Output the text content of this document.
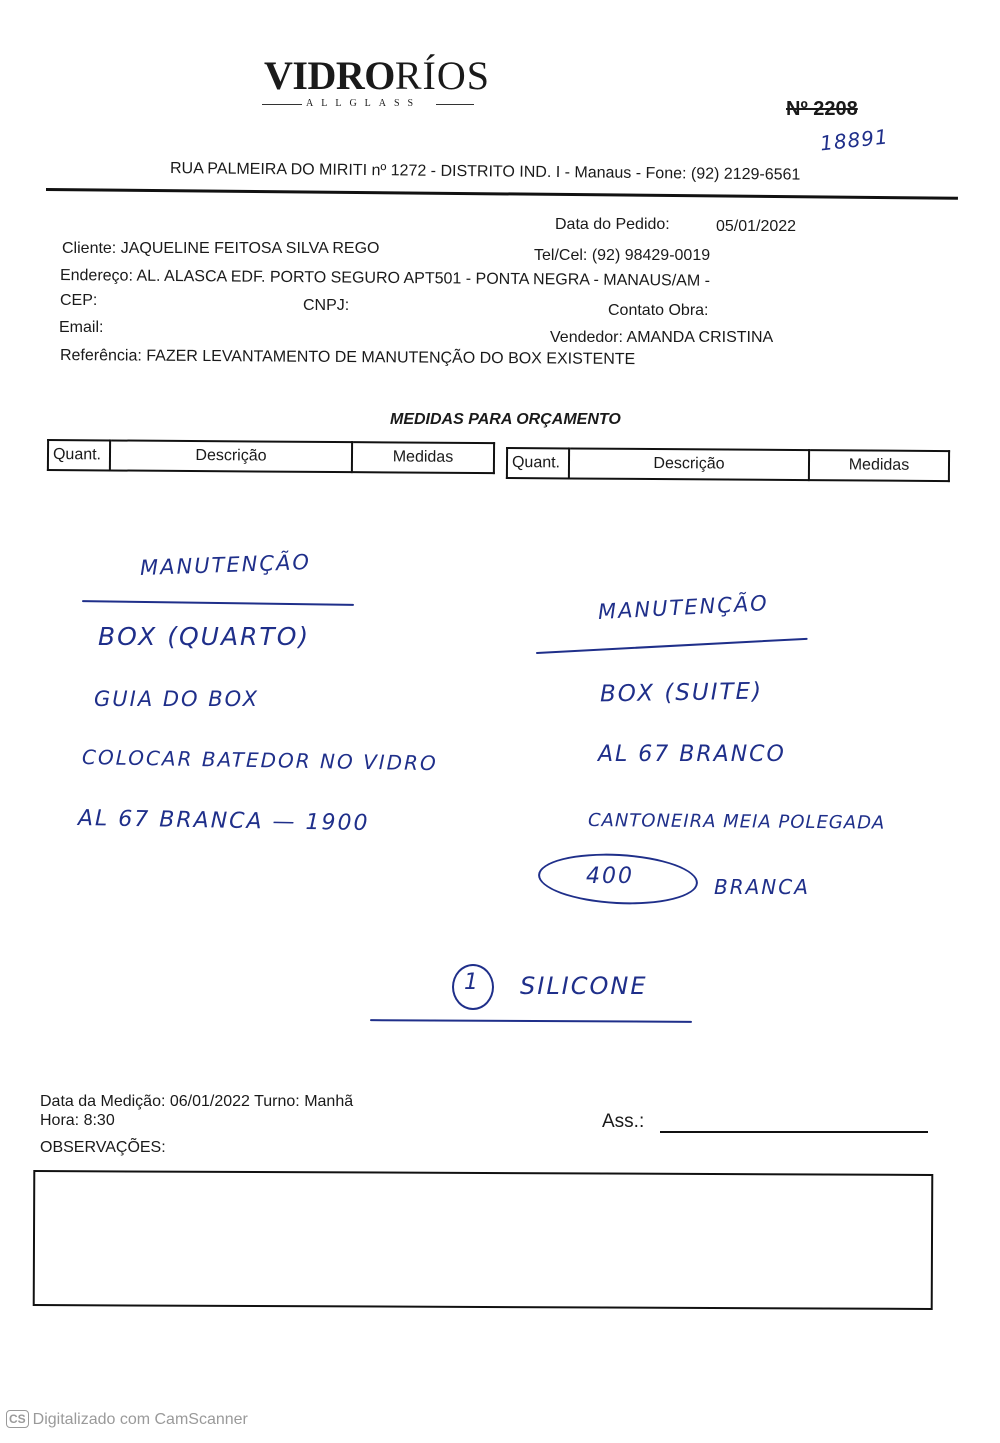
VIDRORÍOS
ALLGLASS	Nº 2208
18891
RUA PALMEIRA DO MIRITI nº 1272 - DISTRITO IND. I - Manaus - Fone: (92) 2129-6561
Data do Pedido:	05/01/2022
Cliente: JAQUELINE FEITOSA SILVA REGO	Tel/Cel: (92) 98429-0019
Endereço: AL. ALASCA EDF. PORTO SEGURO APT501 - PONTA NEGRA - MANAUS/AM -
CEP:	CNPJ:	Contato Obra:
Email:
Vendedor: AMANDA CRISTINA
Referência: FAZER LEVANTAMENTO DE MANUTENÇÃO DO BOX EXISTENTE
MEDIDAS PARA ORÇAMENTO
Quant.	Descrição	Medidas	Quant.	Descrição	Medidas
MANUTENÇÃO
BOX (QUARTO)
GUIA DO BOX
COLOCAR BATEDOR NO VIDRO
AL 67 BRANCA — 1900
MANUTENÇÃO
BOX (SUITE)
AL 67 BRANCO
CANTONEIRA MEIA POLEGADA
400	BRANCA
1 SILICONE
Data da Medição: 06/01/2022 Turno: Manhã
Hora: 8:30	Ass.:
OBSERVAÇÕES:
CS Digitalizado com CamScanner
